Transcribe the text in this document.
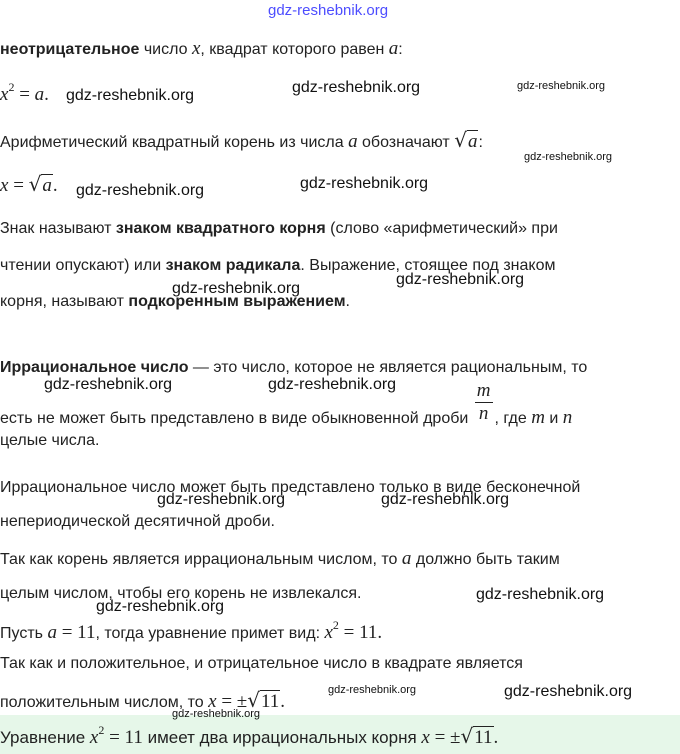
gdz-reshebnik.org
неотрицательное число x, квадрат которого равен a:
$x^2 = a$. gdz-reshebnik.org	gdz-reshebnik.org	gdz-reshebnik.org
Арифметический квадратный корень из числа a обозначают √a:
gdz-reshebnik.org
x = √a. gdz-reshebnik.org	gdz-reshebnik.org
Знак называют знаком квадратного корня (слово «арифметический» при
чтении опускают) или знаком радикала. Выражение, стоящее под знаком
gdz-reshebnik.org
gdz-reshebnik.org
корня, называют подкоренным выражением.
Иррациональное число — это число, которое не является рациональным, то
gdz-reshebnik.org	gdz-reshebnik.org
есть не может быть представлено в виде обыкновенной дроби $\frac{m}{n}$ , где m и n
целые числа.
Иррациональное число может быть представлено только в виде бесконечной
gdz-reshebnik.org	gdz-reshebnik.org
непериодической десятичной дроби.
Так как корень является иррациональным числом, то a должно быть таким
целым числом, чтобы его корень не извлекался.
gdz-reshebnik.org
gdz-reshebnik.org
Пусть a = 11, тогда уравнение примет вид: $x^2 = 11$.
Так как и положительное, и отрицательное число в квадрате является
положительным числом, то x = ±√11.
gdz-reshebnik.org	gdz-reshebnik.org
gdz-reshebnik.org
Уравнение $x^2 = 11$ имеет два иррациональных корня x = ±√11.
